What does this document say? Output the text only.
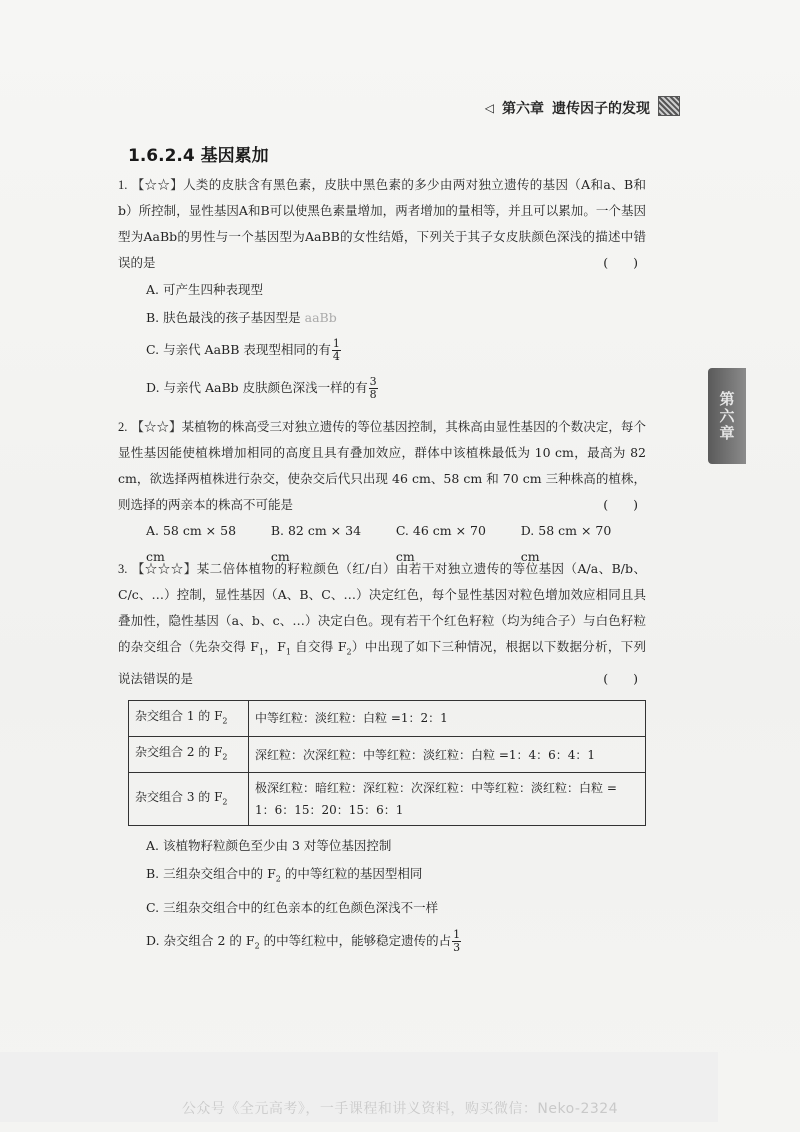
◁ 第六章 遗传因子的发现
1.6.2.4 基因累加

1. 【☆☆】人类的皮肤含有黑色素，皮肤中黑色素的多少由两对独立遗传的基因（A和a、B和b）所控制，显性基因A和B可以使黑色素量增加，两者增加的量相等，并且可以累加。一个基因型为AaBb的男性与一个基因型为AaBB的女性结婚，下列关于其子女皮肤颜色深浅的描述中错误的是	(　　)

A. 可产生四种表现型
B. 肤色最浅的孩子基因型是 aaBb
C. 与亲代 AaBB 表现型相同的有 $\frac{1}{4}$
D. 与亲代 AaBb 皮肤颜色深浅一样的有 $\frac{3}{8}$

2. 【☆☆】某植物的株高受三对独立遗传的等位基因控制，其株高由显性基因的个数决定，每个显性基因能使植株增加相同的高度且具有叠加效应，群体中该植株最低为 10 cm，最高为 82 cm，欲选择两植株进行杂交，使杂交后代只出现 46 cm、58 cm 和 70 cm 三种株高的植株，则选择的两亲本的株高不可能是	(　　)

A. 58 cm × 58 cm
B. 82 cm × 34 cm
C. 46 cm × 70 cm
D. 58 cm × 70 cm

3. 【☆☆☆】某二倍体植物的籽粒颜色（红/白）由若干对独立遗传的等位基因（A/a、B/b、C/c、…）控制，显性基因（A、B、C、…）决定红色，每个显性基因对粒色增加效应相同且具叠加性，隐性基因（a、b、c、…）决定白色。现有若干个红色籽粒（均为纯合子）与白色籽粒的杂交组合（先杂交得 $F_1$，$F_1$ 自交得 $F_2$）中出现了如下三种情况，根据以下数据分析，下列说法错误的是	(　　)

杂交组合 1 的 $F_2$	中等红粒：淡红粒：白粒 =1：2：1
杂交组合 2 的 $F_2$	深红粒：次深红粒：中等红粒：淡红粒：白粒 =1：4：6：4：1
杂交组合 3 的 $F_2$	极深红粒：暗红粒：深红粒：次深红粒：中等红粒：淡红粒：白粒 = 1：6：15：20：15：6：1
A. 该植物籽粒颜色至少由 3 对等位基因控制
B. 三组杂交组合中的 $F_2$ 的中等红粒的基因型相同
C. 三组杂交组合中的红色亲本的红色颜色深浅不一样
D. 杂交组合 2 的 $F_2$ 的中等红粒中，能够稳定遗传的占 $\frac{1}{3}$
第六章
公众号《全元高考》，一手课程和讲义资料，购买微信：Neko-2324
